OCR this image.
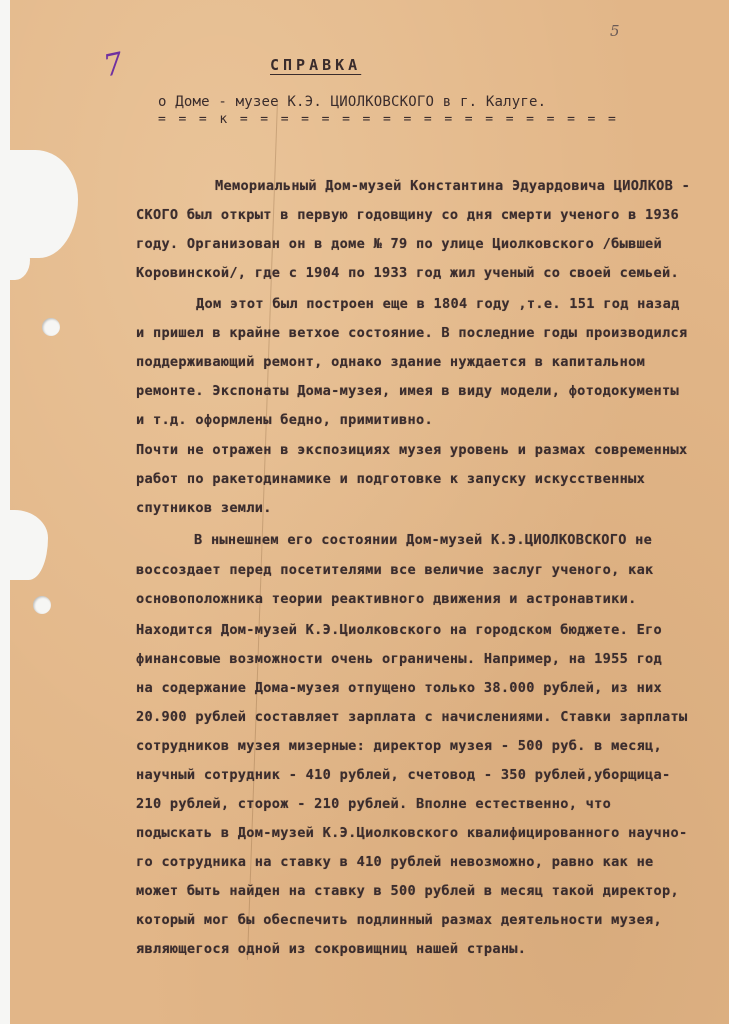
5
7	СПРАВКА
о Доме - музее К.Э. ЦИОЛКОВСКОГО в г. Калуге.
= = = к = = = = = = = = = = = = = = = = = = =
Мемориальный Дом-музей Константина Эдуардовича ЦИОЛКОВ -
СКОГО был открыт в первую годовщину со дня смерти ученого в 1936
году. Организован он в доме № 79 по улице Циолковского /бывшей
Коровинской/, где с 1904 по 1933 год жил ученый со своей семьей.
Дом этот был построен еще в 1804 году ,т.е. 151 год назад
и пришел в крайне ветхое состояние. В последние годы производился
поддерживающий ремонт, однако здание нуждается в капитальном
ремонте. Экспонаты Дома-музея, имея в виду модели, фотодокументы
и т.д. оформлены бедно, примитивно.
Почти не отражен в экспозициях музея уровень и размах современных
работ по ракетодинамике и подготовке к запуску искусственных
спутников земли.
В нынешнем его состоянии Дом-музей К.Э.ЦИОЛКОВСКОГО не
воссоздает перед посетителями все величие заслуг ученого, как
основоположника теории реактивного движения и астронавтики.
Находится Дом-музей К.Э.Циолковского на городском бюджете. Его
финансовые возможности очень ограничены. Например, на 1955 год
на содержание Дома-музея отпущено только 38.000 рублей, из них
20.900 рублей составляет зарплата с начислениями. Ставки зарплаты
сотрудников музея мизерные: директор музея - 500 руб. в месяц,
научный сотрудник - 410 рублей, счетовод - 350 рублей,уборщица-
210 рублей, сторож - 210 рублей. Вполне естественно, что
подыскать в Дом-музей К.Э.Циолковского квалифицированного научно-
го сотрудника на ставку в 410 рублей невозможно, равно как не
может быть найден на ставку в 500 рублей в месяц такой директор,
который мог бы обеспечить подлинный размах деятельности музея,
являющегося одной из сокровищниц нашей страны.
